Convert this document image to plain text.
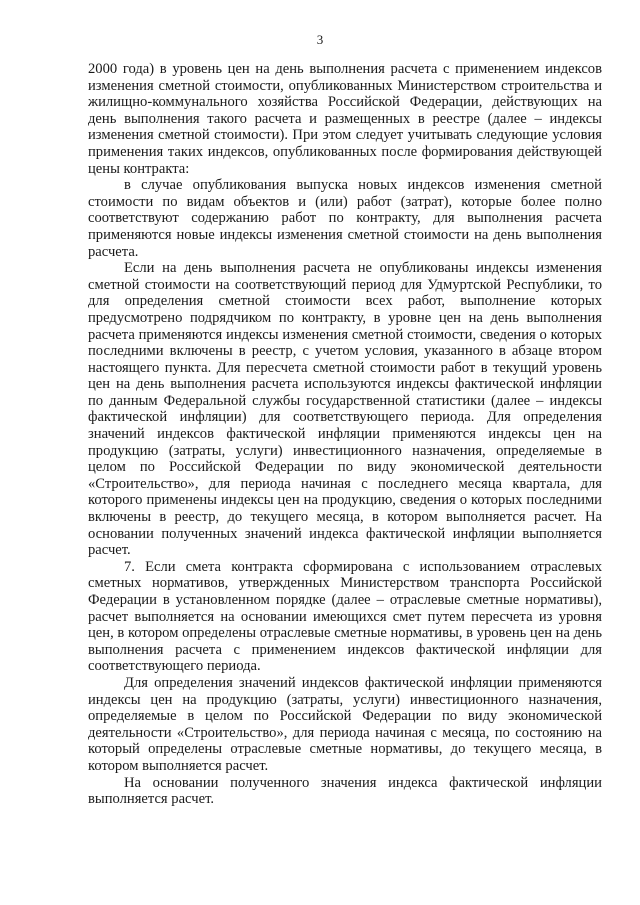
3

2000 года) в уровень цен на день выполнения расчета с применением индексов изменения сметной стоимости, опубликованных Министерством строительства и жилищно-коммунального хозяйства Российской Федерации, действующих на день выполнения такого расчета и размещенных в реестре (далее – индексы изменения сметной стоимости). При этом следует учитывать следующие условия применения таких индексов, опубликованных после формирования действующей цены контракта:

в случае опубликования выпуска новых индексов изменения сметной стоимости по видам объектов и (или) работ (затрат), которые более полно соответствуют содержанию работ по контракту, для выполнения расчета применяются новые индексы изменения сметной стоимости на день выполнения расчета.

Если на день выполнения расчета не опубликованы индексы изменения сметной стоимости на соответствующий период для Удмуртской Республики, то для определения сметной стоимости всех работ, выполнение которых предусмотрено подрядчиком по контракту, в уровне цен на день выполнения расчета применяются индексы изменения сметной стоимости, сведения о которых последними включены в реестр, с учетом условия, указанного в абзаце втором настоящего пункта. Для пересчета сметной стоимости работ в текущий уровень цен на день выполнения расчета используются индексы фактической инфляции по данным Федеральной службы государственной статистики (далее – индексы фактической инфляции) для соответствующего периода. Для определения значений индексов фактической инфляции применяются индексы цен на продукцию (затраты, услуги) инвестиционного назначения, определяемые в целом по Российской Федерации по виду экономической деятельности «Строительство», для периода начиная с последнего месяца квартала, для которого применены индексы цен на продукцию, сведения о которых последними включены в реестр, до текущего месяца, в котором выполняется расчет. На основании полученных значений индекса фактической инфляции выполняется расчет.

7. Если смета контракта сформирована с использованием отраслевых сметных нормативов, утвержденных Министерством транспорта Российской Федерации в установленном порядке (далее – отраслевые сметные нормативы), расчет выполняется на основании имеющихся смет путем пересчета из уровня цен, в котором определены отраслевые сметные нормативы, в уровень цен на день выполнения расчета с применением индексов фактической инфляции для соответствующего периода.

Для определения значений индексов фактической инфляции применяются индексы цен на продукцию (затраты, услуги) инвестиционного назначения, определяемые в целом по Российской Федерации по виду экономической деятельности «Строительство», для периода начиная с месяца, по состоянию на который определены отраслевые сметные нормативы, до текущего месяца, в котором выполняется расчет.

На основании полученного значения индекса фактической инфляции выполняется расчет.
